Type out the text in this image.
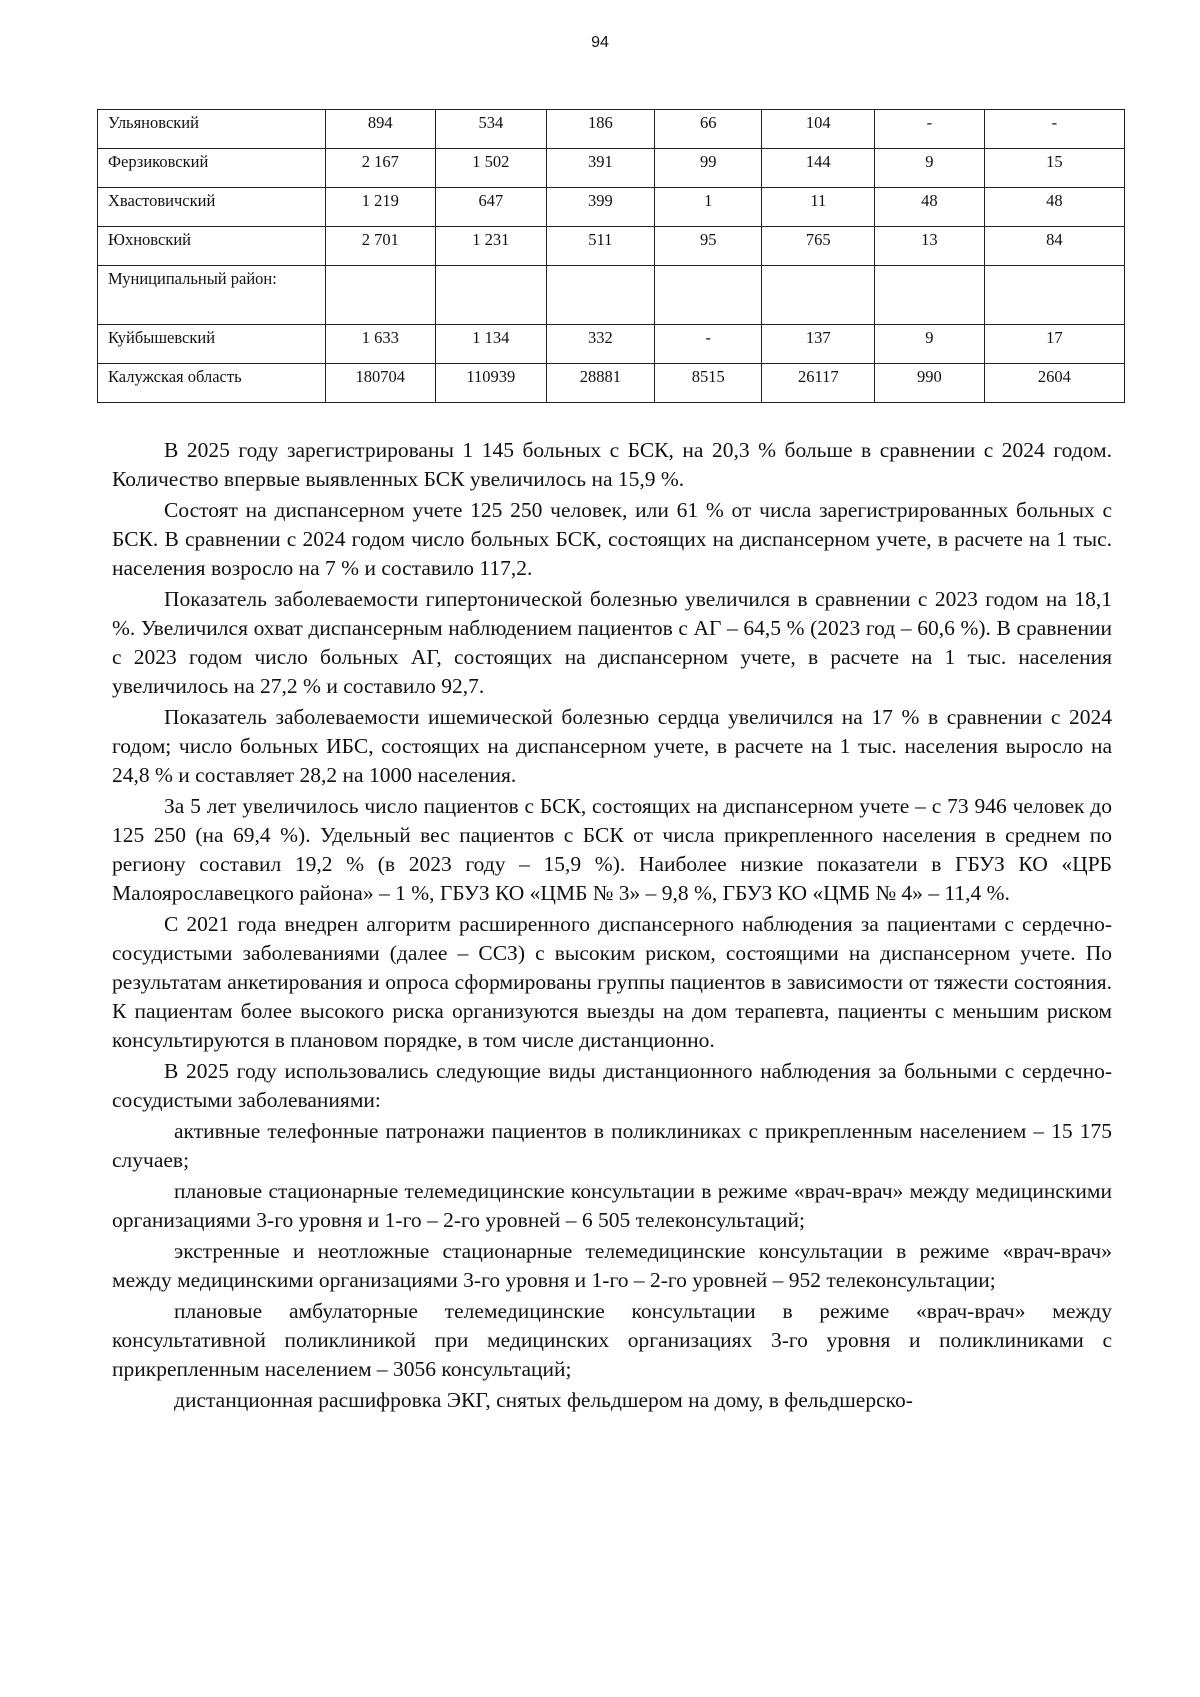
94
Ульяновский	894	534	186	66	104	-	-
Ферзиковский	2 167	1 502	391	99	144	9	15
Хвастовичский	1 219	647	399	1	11	48	48
Юхновский	2 701	1 231	511	95	765	13	84
Муниципальный район:							
Куйбышевский	1 633	1 134	332	-	137	9	17
Калужская область	180704	110939	28881	8515	26117	990	2604

В 2025 году зарегистрированы 1 145 больных с БСК, на 20,3 % больше в сравнении с 2024 годом. Количество впервые выявленных БСК увеличилось на 15,9 %.

Состоят на диспансерном учете 125 250 человек, или 61 % от числа зарегистрированных больных с БСК. В сравнении с 2024 годом число больных БСК, состоящих на диспансерном учете, в расчете на 1 тыс. населения возросло на 7 % и составило 117,2.

Показатель заболеваемости гипертонической болезнью увеличился в сравнении с 2023 годом на 18,1 %. Увеличился охват диспансерным наблюдением пациентов с АГ – 64,5 % (2023 год – 60,6 %). В сравнении с 2023 годом число больных АГ, состоящих на диспансерном учете, в расчете на 1 тыс. населения увеличилось на 27,2 % и составило 92,7.

Показатель заболеваемости ишемической болезнью сердца увеличился на 17 % в сравнении с 2024 годом; число больных ИБС, состоящих на диспансерном учете, в расчете на 1 тыс. населения выросло на 24,8 % и составляет 28,2 на 1000 населения.

За 5 лет увеличилось число пациентов с БСК, состоящих на диспансерном учете – с 73 946 человек до 125 250 (на 69,4 %). Удельный вес пациентов с БСК от числа прикрепленного населения в среднем по региону составил 19,2 % (в 2023 году – 15,9 %). Наиболее низкие показатели в ГБУЗ КО «ЦРБ Малоярославецкого района» – 1 %, ГБУЗ КО «ЦМБ № 3» – 9,8 %, ГБУЗ КО «ЦМБ № 4» – 11,4 %.

С 2021 года внедрен алгоритм расширенного диспансерного наблюдения за пациентами с сердечно-сосудистыми заболеваниями (далее – ССЗ) с высоким риском, состоящими на диспансерном учете. По результатам анкетирования и опроса сформированы группы пациентов в зависимости от тяжести состояния. К пациентам более высокого риска организуются выезды на дом терапевта, пациенты с меньшим риском консультируются в плановом порядке, в том числе дистанционно.

В 2025 году использовались следующие виды дистанционного наблюдения за больными с сердечно-сосудистыми заболеваниями:

активные телефонные патронажи пациентов в поликлиниках с прикрепленным населением – 15 175 случаев;

плановые стационарные телемедицинские консультации в режиме «врач-врач» между медицинскими организациями 3-го уровня и 1-го – 2-го уровней – 6 505 телеконсультаций;

экстренные и неотложные стационарные телемедицинские консультации в режиме «врач-врач» между медицинскими организациями 3-го уровня и 1-го – 2-го уровней – 952 телеконсультации;

плановые амбулаторные телемедицинские консультации в режиме «врач-врач» между консультативной поликлиникой при медицинских организациях 3-го уровня и поликлиниками с прикрепленным населением – 3056 консультаций;

дистанционная расшифровка ЭКГ, снятых фельдшером на дому, в фельдшерско-
